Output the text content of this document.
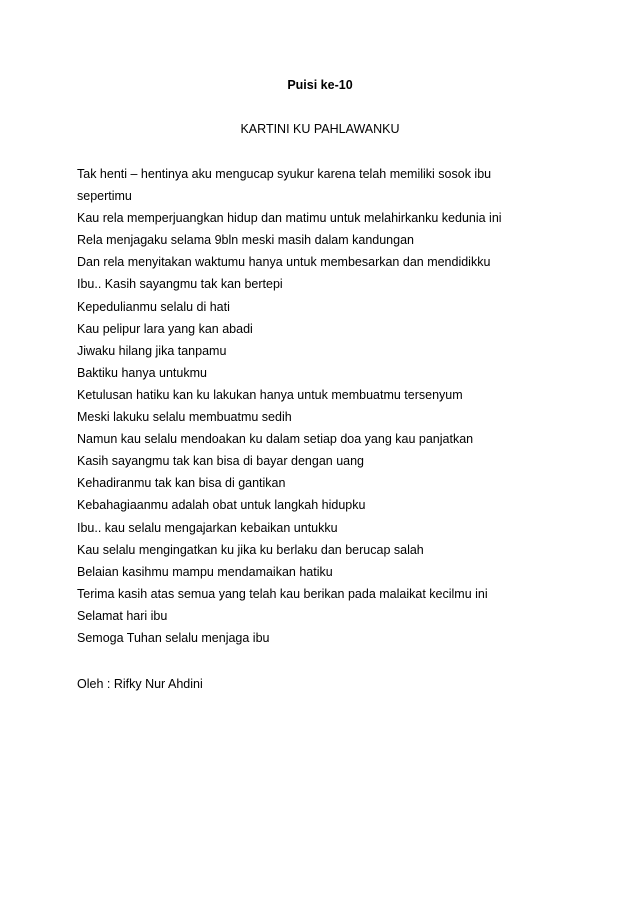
Puisi ke-10
KARTINI KU PAHLAWANKU
Tak henti – hentinya aku mengucap syukur karena telah memiliki sosok ibu
sepertimu
Kau rela memperjuangkan hidup dan matimu untuk melahirkanku kedunia ini
Rela menjagaku selama 9bln meski masih dalam kandungan
Dan rela menyitakan waktumu hanya untuk membesarkan dan mendidikku
Ibu.. Kasih sayangmu tak kan bertepi
Kepedulianmu selalu di hati
Kau pelipur lara yang kan abadi
Jiwaku hilang jika tanpamu
Baktiku hanya untukmu
Ketulusan hatiku kan ku lakukan hanya untuk membuatmu tersenyum
Meski lakuku selalu membuatmu sedih
Namun kau selalu mendoakan ku dalam setiap doa yang kau panjatkan
Kasih sayangmu tak kan bisa di bayar dengan uang
Kehadiranmu tak kan bisa di gantikan
Kebahagiaanmu adalah obat untuk langkah hidupku
Ibu.. kau selalu mengajarkan kebaikan untukku
Kau selalu mengingatkan ku jika ku berlaku dan berucap salah
Belaian kasihmu mampu mendamaikan hatiku
Terima kasih atas semua yang telah kau berikan pada malaikat kecilmu ini
Selamat hari ibu
Semoga Tuhan selalu menjaga ibu
Oleh : Rifky Nur Ahdini
